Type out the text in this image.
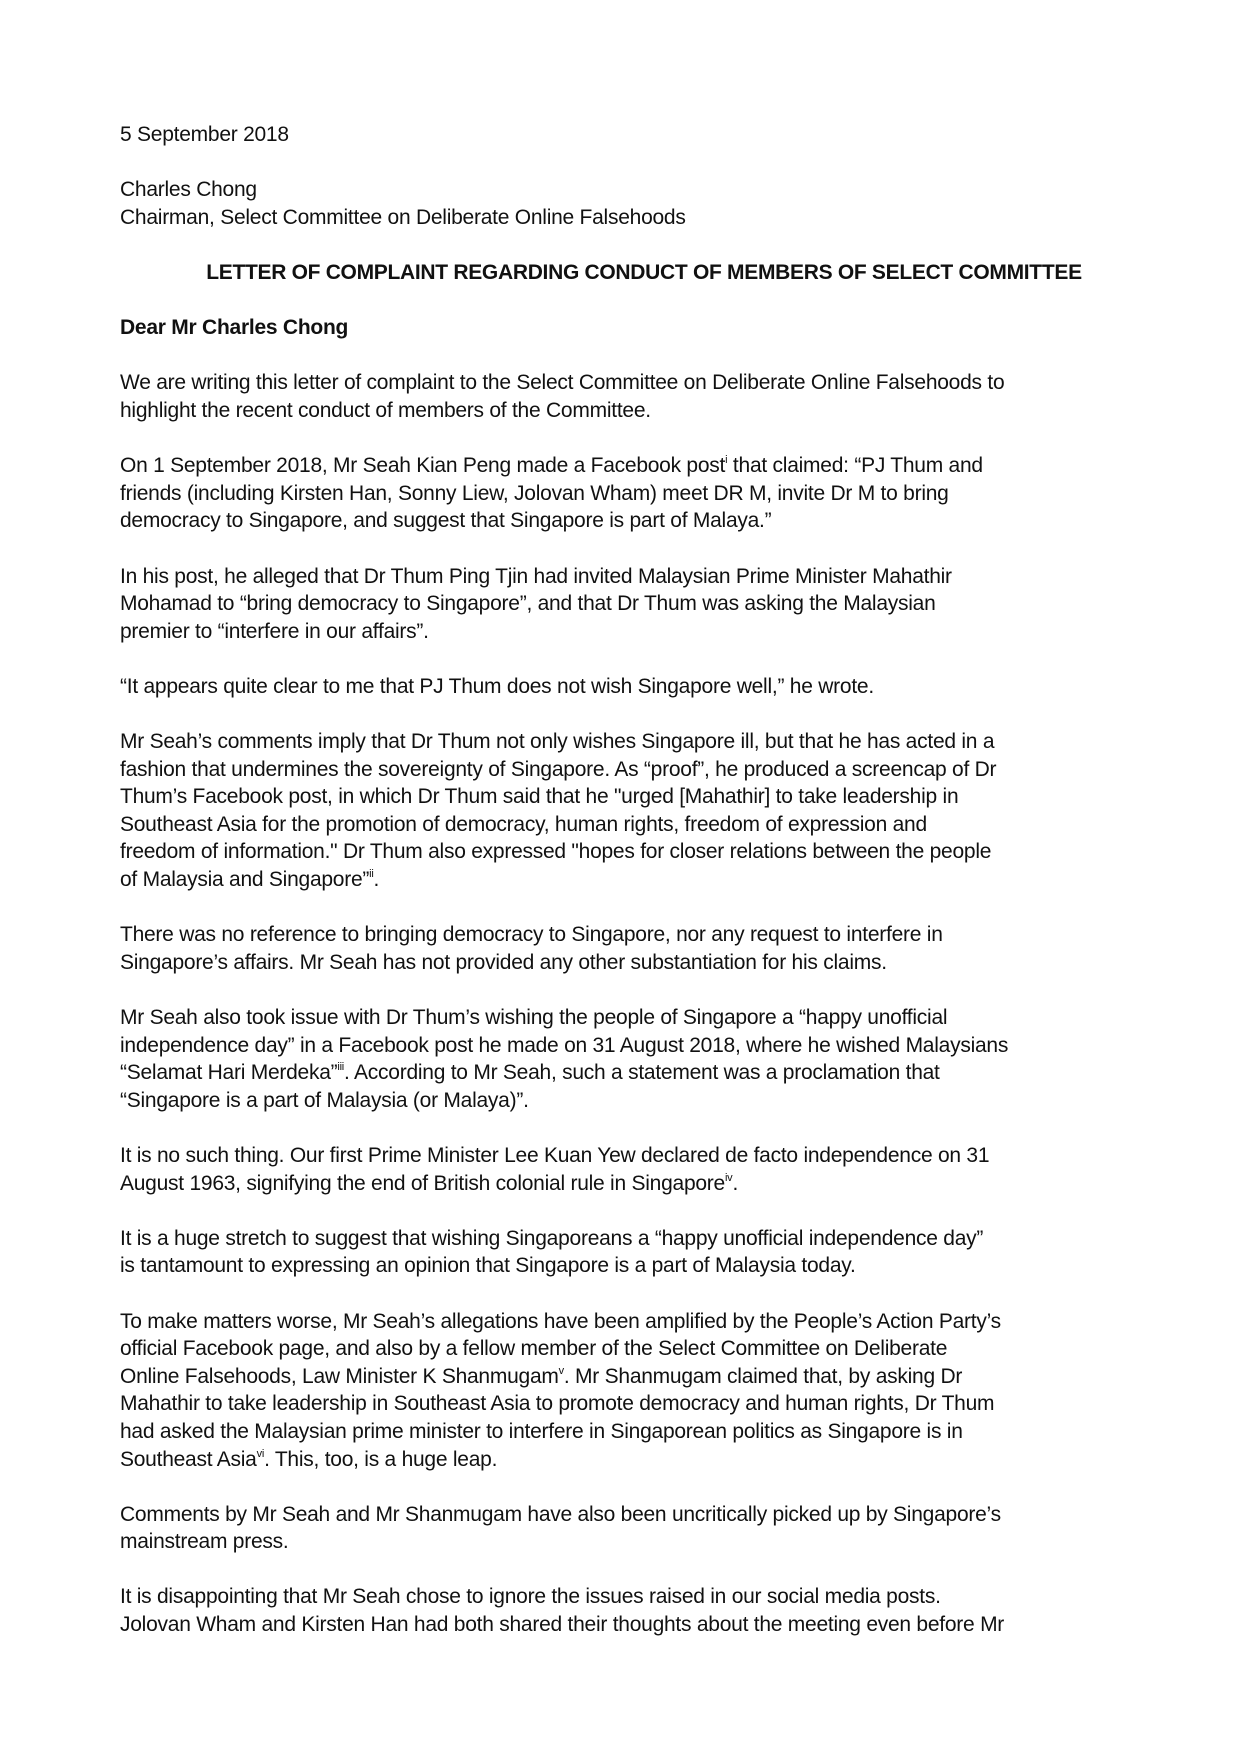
5 September 2018
Charles Chong
Chairman, Select Committee on Deliberate Online Falsehoods
LETTER OF COMPLAINT REGARDING CONDUCT OF MEMBERS OF SELECT COMMITTEE
Dear Mr Charles Chong
We are writing this letter of complaint to the Select Committee on Deliberate Online Falsehoods to
highlight the recent conduct of members of the Committee.
On 1 September 2018, Mr Seah Kian Peng made a Facebook post$^i$ that claimed: “PJ Thum and
friends (including Kirsten Han, Sonny Liew, Jolovan Wham) meet DR M, invite Dr M to bring
democracy to Singapore, and suggest that Singapore is part of Malaya.”
In his post, he alleged that Dr Thum Ping Tjin had invited Malaysian Prime Minister Mahathir
Mohamad to “bring democracy to Singapore”, and that Dr Thum was asking the Malaysian
premier to “interfere in our affairs”.
“It appears quite clear to me that PJ Thum does not wish Singapore well,” he wrote.
Mr Seah’s comments imply that Dr Thum not only wishes Singapore ill, but that he has acted in a
fashion that undermines the sovereignty of Singapore. As “proof”, he produced a screencap of Dr
Thum’s Facebook post, in which Dr Thum said that he "urged [Mahathir] to take leadership in
Southeast Asia for the promotion of democracy, human rights, freedom of expression and
freedom of information." Dr Thum also expressed "hopes for closer relations between the people
of Malaysia and Singapore”$^{ii}$.
There was no reference to bringing democracy to Singapore, nor any request to interfere in
Singapore’s affairs. Mr Seah has not provided any other substantiation for his claims.
Mr Seah also took issue with Dr Thum’s wishing the people of Singapore a “happy unofficial
independence day” in a Facebook post he made on 31 August 2018, where he wished Malaysians
“Selamat Hari Merdeka”$^{iii}$. According to Mr Seah, such a statement was a proclamation that
“Singapore is a part of Malaysia (or Malaya)”.
It is no such thing. Our first Prime Minister Lee Kuan Yew declared de facto independence on 31
August 1963, signifying the end of British colonial rule in Singapore$^{iv}$.
It is a huge stretch to suggest that wishing Singaporeans a “happy unofficial independence day”
is tantamount to expressing an opinion that Singapore is a part of Malaysia today.
To make matters worse, Mr Seah’s allegations have been amplified by the People’s Action Party’s
official Facebook page, and also by a fellow member of the Select Committee on Deliberate
Online Falsehoods, Law Minister K Shanmugam$^v$. Mr Shanmugam claimed that, by asking Dr
Mahathir to take leadership in Southeast Asia to promote democracy and human rights, Dr Thum
had asked the Malaysian prime minister to interfere in Singaporean politics as Singapore is in
Southeast Asia$^{vi}$. This, too, is a huge leap.
Comments by Mr Seah and Mr Shanmugam have also been uncritically picked up by Singapore’s
mainstream press.
It is disappointing that Mr Seah chose to ignore the issues raised in our social media posts.
Jolovan Wham and Kirsten Han had both shared their thoughts about the meeting even before Mr
